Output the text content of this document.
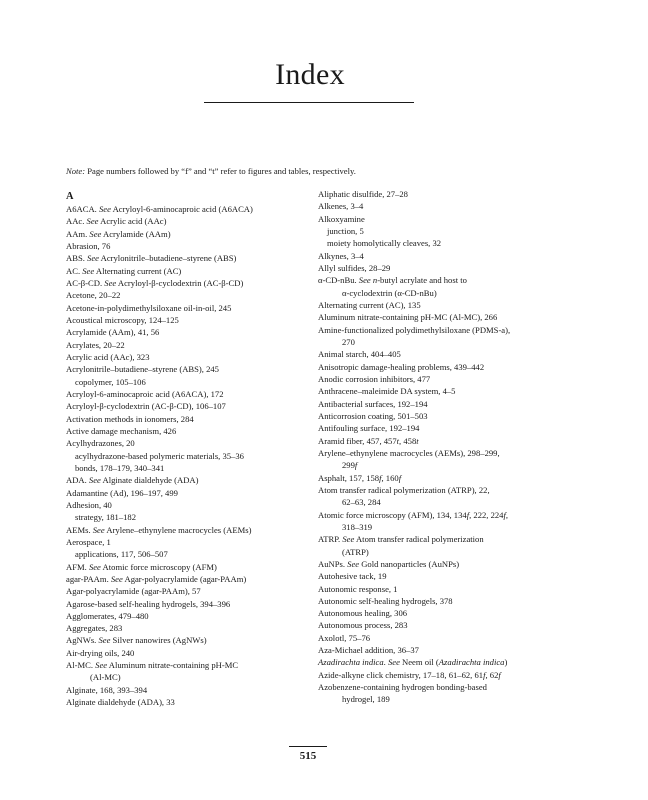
Index
Note: Page numbers followed by “f” and “t” refer to figures and tables, respectively.
A
A6ACA. See Acryloyl-6-aminocaproic acid (A6ACA)
AAc. See Acrylic acid (AAc)
AAm. See Acrylamide (AAm)
Abrasion, 76
ABS. See Acrylonitrile–butadiene–styrene (ABS)
AC. See Alternating current (AC)
AC-β-CD. See Acryloyl-β-cyclodextrin (AC-β-CD)
Acetone, 20–22
Acetone-in-polydimethylsiloxane oil-in-oil, 245
Acoustical microscopy, 124–125
Acrylamide (AAm), 41, 56
Acrylates, 20–22
Acrylic acid (AAc), 323
Acrylonitrile–butadiene–styrene (ABS), 245
copolymer, 105–106
Acryloyl-6-aminocaproic acid (A6ACA), 172
Acryloyl-β-cyclodextrin (AC-β-CD), 106–107
Activation methods in ionomers, 284
Active damage mechanism, 426
Acylhydrazones, 20
acylhydrazone-based polymeric materials, 35–36
bonds, 178–179, 340–341
ADA. See Alginate dialdehyde (ADA)
Adamantine (Ad), 196–197, 499
Adhesion, 40
strategy, 181–182
AEMs. See Arylene–ethynylene macrocycles (AEMs)
Aerospace, 1
applications, 117, 506–507
AFM. See Atomic force microscopy (AFM)
agar-PAAm. See Agar-polyacrylamide (agar-PAAm)
Agar-polyacrylamide (agar-PAAm), 57
Agarose-based self-healing hydrogels, 394–396
Agglomerates, 479–480
Aggregates, 283
AgNWs. See Silver nanowires (AgNWs)
Air-drying oils, 240
Al-MC. See Aluminum nitrate-containing pH-MC
(Al-MC)
Alginate, 168, 393–394
Alginate dialdehyde (ADA), 33
Aliphatic disulfide, 27–28
Alkenes, 3–4
Alkoxyamine
junction, 5
moiety homolytically cleaves, 32
Alkynes, 3–4
Allyl sulfides, 28–29
α-CD-nBu. See n-butyl acrylate and host to
α-cyclodextrin (α-CD-nBu)
Alternating current (AC), 135
Aluminum nitrate-containing pH-MC (Al-MC), 266
Amine-functionalized polydimethylsiloxane (PDMS-a),
270
Animal starch, 404–405
Anisotropic damage-healing problems, 439–442
Anodic corrosion inhibitors, 477
Anthracene–maleimide DA system, 4–5
Antibacterial surfaces, 192–194
Anticorrosion coating, 501–503
Antifouling surface, 192–194
Aramid fiber, 457, 457t, 458t
Arylene–ethynylene macrocycles (AEMs), 298–299,
299f
Asphalt, 157, 158f, 160f
Atom transfer radical polymerization (ATRP), 22,
62–63, 284
Atomic force microscopy (AFM), 134, 134f, 222, 224f,
318–319
ATRP. See Atom transfer radical polymerization
(ATRP)
AuNPs. See Gold nanoparticles (AuNPs)
Autohesive tack, 19
Autonomic response, 1
Autonomic self-healing hydrogels, 378
Autonomous healing, 306
Autonomous process, 283
Axolotl, 75–76
Aza-Michael addition, 36–37
Azadirachta indica. See Neem oil (Azadirachta indica)
Azide-alkyne click chemistry, 17–18, 61–62, 61f, 62f
Azobenzene-containing hydrogen bonding-based
hydrogel, 189
515
